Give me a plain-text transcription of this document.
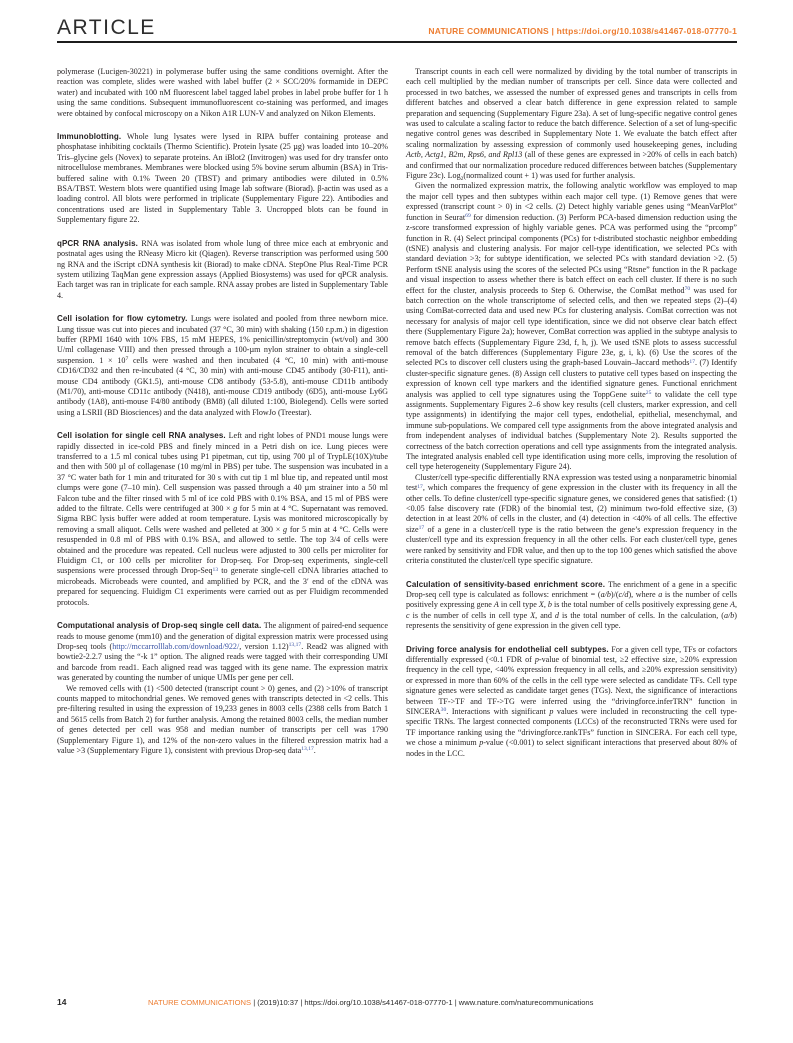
ARTICLE	NATURE COMMUNICATIONS | https://doi.org/10.1038/s41467-018-07770-1

polymerase (Lucigen-30221) in polymerase buffer using the same conditions overnight. After the reaction was complete, slides were washed with label buffer (2 × SCC/20% formamide in DEPC water) and incubated with 100 nM fluorescent label tagged label probes in label probe buffer for 1 h using the same conditions. Subsequent immunofluorescent co-staining was performed, and images were obtained by confocal microscopy on a Nikon A1R LUN-V and analyzed on Nikon Elements.

Immunoblotting. Whole lung lysates were lysed in RIPA buffer containing protease and phosphatase inhibiting cocktails (Thermo Scientific). Protein lysate (25 µg) was loaded into 10–20% Tris–glycine gels (Novex) to separate proteins. An iBlot2 (Invitrogen) was used for dry transfer onto nitrocellulose membranes. Membranes were blocked using 5% bovine serum albumin (BSA) in Tris-buffered saline with 0.1% Tween 20 (TBST) and primary antibodies were diluted in 0.5% BSA/TBST. Western blots were quantified using Image lab software (Biorad). β-actin was used as a loading control. All blots were performed in triplicate (Supplementary Figure 22). Antibodies and concentrations used are listed in Supplementary Table 3. Uncropped blots can be found in Supplementary figure 22.

qPCR RNA analysis. RNA was isolated from whole lung of three mice each at embryonic and postnatal ages using the RNeasy Micro kit (Qiagen). Reverse transcription was performed using 500 ng RNA and the iScript cDNA synthesis kit (Biorad) to make cDNA. StepOne Plus Real-Time PCR system utilizing TaqMan gene expression assays (Applied Biosystems) was used for qPCR analysis. Each target was ran in triplicate for each sample. RNA assay probes are listed in Supplementary Table 4.

Cell isolation for flow cytometry. Lungs were isolated and pooled from three newborn mice. Lung tissue was cut into pieces and incubated (37 °C, 30 min) with shaking (150 r.p.m.) in digestion buffer (RPMI 1640 with 10% FBS, 15 mM HEPES, 1% penicillin/streptomycin (wt/vol) and 300 U/ml collagenase VIII) and then pressed through a 100-µm nylon strainer to obtain a single-cell suspension. $1 \times 10^7$ cells were washed and then incubated (4 °C, 10 min) with anti-mouse CD16/CD32 and then re-incubated (4 °C, 30 min) with anti-mouse CD45 antibody (30-F11), anti-mouse CD4 antibody (GK1.5), anti-mouse CD8 antibody (53-5.8), anti-mouse CD11b antibody (M1/70), anti-mouse CD11c antibody (N418), anti-mouse CD19 antibody (6D5), anti-mouse Ly6G antibody (1A8), anti-mouse F4/80 antibody (BM8) (all diluted 1:100, Biolegend). Cells were sorted using a LSRII (BD Biosciences) and the data analyzed with FlowJo (Treestar).

Cell isolation for single cell RNA analyses. Left and right lobes of PND1 mouse lungs were rapidly dissected in ice-cold PBS and finely minced in a Petri dish on ice. Lung pieces were transferred to a 1.5 ml conical tubes using P1 pipetman, cut tip, using 700 µl of TrypLE(10X)/tube and then with 500 µl of collagenase (10 mg/ml in PBS) per tube. The suspension was incubated in a 37 °C water bath for 1 min and triturated for 30 s with cut tip 1 ml blue tip, and repeated until most clumps were gone (7–10 min). Cell suspension was passed through a 40 µm strainer into a 50 ml Falcon tube and the filter rinsed with 5 ml of ice cold PBS with 0.1% BSA, and 15 ml of PBS were added to the filtrate. Cells were centrifuged at 300 × g for 5 min at 4 °C. Supernatant was removed. Sigma RBC lysis buffer were added at room temperature. Lysis was monitored microscopically by removing a small aliquot. Cells were washed and pelleted at 300 × g for 5 min at 4 °C. Cells were resuspended in 0.8 ml of PBS with 0.1% BSA, and allowed to settle. The top 3/4 of cells were obtained and the procedure was repeated. Cell nucleus were adjusted to 300 cells per microliter for Fluidigm C1, or 100 cells per microliter for Drop-seq. For Drop-seq experiments, single-cell suspensions were processed through Drop-Seq$^{13}$ to generate single-cell cDNA libraries attached to microbeads. Microbeads were counted, and amplified by PCR, and the 3′ end of the cDNA was prepared for sequencing. Fluidigm C1 experiments were carried out as per Fluidigm recommended protocols.

Computational analysis of Drop-seq single cell data. The alignment of paired-end sequence reads to mouse genome (mm10) and the generation of digital expression matrix were processed using Drop-seq tools (http://mccarrolllab.com/download/922/, version 1.12)$^{13,17}$. Read2 was aligned with bowtie2-2.2.7 using the “-k 1” option. The aligned reads were tagged with their corresponding UMI and barcode from read1. Each aligned read was tagged with its gene name. The expression matrix was generated by counting the number of unique UMIs per gene per cell.

We removed cells with (1) <500 detected (transcript count > 0) genes, and (2) >10% of transcript counts mapped to mitochondrial genes. We removed genes with transcripts detected in <2 cells. This pre-filtering resulted in using the expression of 19,233 genes in 8003 cells (2388 cells from Batch 1 and 5615 cells from Batch 2) for further analysis. Among the retained 8003 cells, the median number of genes detected per cell was 958 and median number of transcripts per cell was 1790 (Supplementary Figure 1), and 12% of the non-zero values in the filtered expression matrix had a value >3 (Supplementary Figure 1), consistent with previous Drop-seq data$^{13,17}$.

Transcript counts in each cell were normalized by dividing by the total number of transcripts in each cell multiplied by the median number of transcripts per cell. Since data were collected and processed in two batches, we assessed the number of expressed genes and transcripts in cells from different batches and observed a clear batch difference in gene expression related to sample preparation and sequencing (Supplementary Figure 23a). A set of lung-specific negative control genes was used to calculate a scaling factor to reduce the batch difference. Selection of a set of lung-specific negative control genes was described in Supplementary Note 1. We evaluate the batch effect after scaling normalization by assessing expression of commonly used housekeeping genes, including Actb, Actg1, B2m, Rps6, and Rpl13 (all of these genes are expressed in >20% of cells in each batch) and confirmed that our normalization procedure reduced differences between batches (Supplementary Figure 23c). Log2(normalized count + 1) was used for further analysis.

Given the normalized expression matrix, the following analytic workflow was employed to map the major cell types and then subtypes within each major cell type. (1) Remove genes that were expressed (transcript count > 0) in <2 cells. (2) Detect highly variable genes using “MeanVarPlot” function in Seurat$^{69}$ for dimension reduction. (3) Perform PCA-based dimension reduction using the z-score transformed expression of highly variable genes. PCA was performed using the “prcomp” function in R. (4) Select principal components (PCs) for t-distributed stochastic neighbor embedding (tSNE) analysis and clustering analysis. For major cell-type identification, we selected PCs with standard deviation >3; for subtype identification, we selected PCs with standard deviation >2. (5) Perform tSNE analysis using the scores of the selected PCs using “Rtsne” function in the R package and visual inspection to assess whether there is batch effect on each cell cluster. If there is no such effect for the cluster, analysis proceeds to Step 6. Otherwise, the ComBat method$^{70}$ was used for batch correction on the whole transcriptome of selected cells, and then we repeated steps (2)–(4) using ComBat-corrected data and used new PCs for clustering analysis. ComBat correction was not necessary for analysis of major cell type identification, since we did not observe clear batch effect there (Supplementary Figure 2a); however, ComBat correction was applied in the subtype analysis to remove batch effects (Supplementary Figure 23d, f, h, j). We used tSNE plots to assess successful removal of the batch differences (Supplementary Figure 23e, g, i, k). (6) Use the scores of the selected PCs to discover cell clusters using the graph-based Louvain–Jaccard methods$^{17}$. (7) Identify cluster-specific signature genes. (8) Assign cell clusters to putative cell types based on inspecting the expression of known cell type markers and the identified signature genes. Functional enrichment analysis was applied to cell type signatures using the ToppGene suite$^{25}$ to validate the cell type assignments. Supplementary Figures 2–6 show key results (cell clusters, marker expression, and cell type assignments) in identifying the major cell types, endothelial, epithelial, mesenchymal, and immune sub-populations. We compared cell type assignments from the above integrated analysis and from independent analyses of individual batches (Supplementary Note 2). Results supported the correctness of the batch correction operations and cell type assignments from the integrated analysis. The integrated analysis enabled cell type identification using more cells, improving the resolution of cell type heterogeneity (Supplementary Figure 24).

Cluster/cell type-specific differentially RNA expression was tested using a nonparametric binomial test$^{17}$, which compares the frequency of gene expression in the cluster with its frequency in all the other cells. To define cluster/cell type-specific signature genes, we considered genes that satisfied: (1) <0.05 false discovery rate (FDR) of the binomial test, (2) minimum two-fold effective size, (3) detection in at least 20% of cells in the cluster, and (4) detection in <40% of all cells. The effective size$^{17}$ of a gene in a cluster/cell type is the ratio between the gene’s expression frequency in the cluster/cell type and its expression frequency in all the other cells. For each cluster/cell type, genes were ranked by sensitivity and FDR value, and then up to the top 100 genes which satisfied the above criteria constituted the cluster/cell type specific signature.

Calculation of sensitivity-based enrichment score. The enrichment of a gene in a specific Drop-seq cell type is calculated as follows: enrichment = (a/b)/(c/d), where a is the number of cells positively expressing gene A in cell type X, b is the total number of cells positively expressing gene A, c is the number of cells in cell type X, and d is the total number of cells. In the calculation, (a/b) represents the sensitivity of gene expression in the given cell type.

Driving force analysis for endothelial cell subtypes. For a given cell type, TFs or cofactors differentially expressed (<0.1 FDR of p-value of binomial test, ≥2 effective size, ≥20% expression frequency in the cell type, <40% expression frequency in all cells, and ≥20% expression sensitivity) or expressed in more than 60% of the cells in the cell type were selected as candidate TFs. Cell type signature genes were selected as candidate target genes (TGs). Next, the significance of interactions between TF->TF and TF->TG were inferred using the “drivingforce.inferTRN” function in SINCERA$^{30}$. Interactions with significant p values were included in reconstructing the cell type-specific TRNs. The largest connected components (LCCs) of the reconstructed TRNs were used for TF importance ranking using the “drivingforce.rankTFs” function in SINCERA. For each cell type, we chose a minimum p-value (<0.001) to select significant interactions that preserved about 80% of nodes in the LCC.

14	NATURE COMMUNICATIONS | (2019)10:37 | https://doi.org/10.1038/s41467-018-07770-1 | www.nature.com/naturecommunications
